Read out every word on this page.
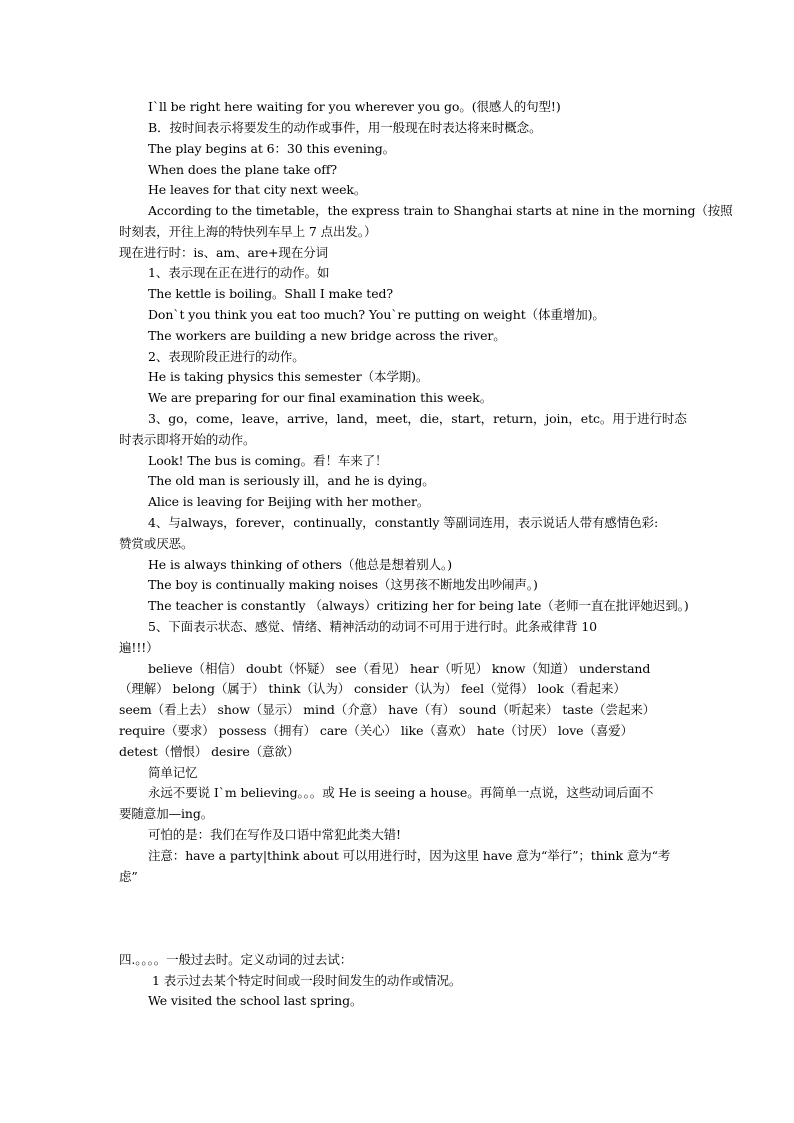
I`ll be right here waiting for you wherever you go。(很感人的句型!)
B．按时间表示将要发生的动作或事件，用一般现在时表达将来时概念。
The play begins at 6：30 this evening。
When does the plane take off?
He leaves for that city next week。
According to the timetable，the express train to Shanghai starts at nine in the morning（按照
时刻表，开往上海的特快列车早上 7 点出发。）
现在进行时：is、am、are+现在分词
1、表示现在正在进行的动作。如
The kettle is boiling。Shall I make ted?
Don`t you think you eat too much? You`re putting on weight（体重增加)。
The workers are building a new bridge across the river。
2、表现阶段正进行的动作。
He is taking physics this semester（本学期)。
We are preparing for our final examination this week。
3、go，come，leave，arrive，land，meet，die，start，return，join，etc。用于进行时态
时表示即将开始的动作。
Look! The bus is coming。看！车来了！
The old man is seriously ill，and he is dying。
Alice is leaving for Beijing with her mother。
4、与always，forever，continually，constantly 等副词连用，表示说话人带有感情色彩:
赞赏或厌恶。
He is always thinking of others（他总是想着别人。)
The boy is continually making noises（这男孩不断地发出吵闹声。)
The teacher is constantly （always）critizing her for being late（老师一直在批评她迟到。)
5、下面表示状态、感觉、情绪、精神活动的动词不可用于进行时。此条戒律背 10
遍!!!）
believe（相信） doubt（怀疑） see（看见） hear（听见） know（知道） understand
（理解） belong（属于） think（认为） consider（认为） feel（觉得） look（看起来）
seem（看上去） show（显示） mind（介意） have（有） sound（听起来） taste（尝起来）
require（要求） possess（拥有） care（关心） like（喜欢） hate（讨厌） love（喜爱）
detest（憎恨） desire（意欲）
简单记忆
永远不要说 I`m believing。。。或 He is seeing a house。再简单一点说，这些动词后面不
要随意加—ing。
可怕的是：我们在写作及口语中常犯此类大错!
注意：have a party|think about 可以用进行时，因为这里 have 意为“举行”；think 意为“考
虑”
四.。。。。一般过去时。定义动词的过去试：
1 表示过去某个特定时间或一段时间发生的动作或情况。
We visited the school last spring。
